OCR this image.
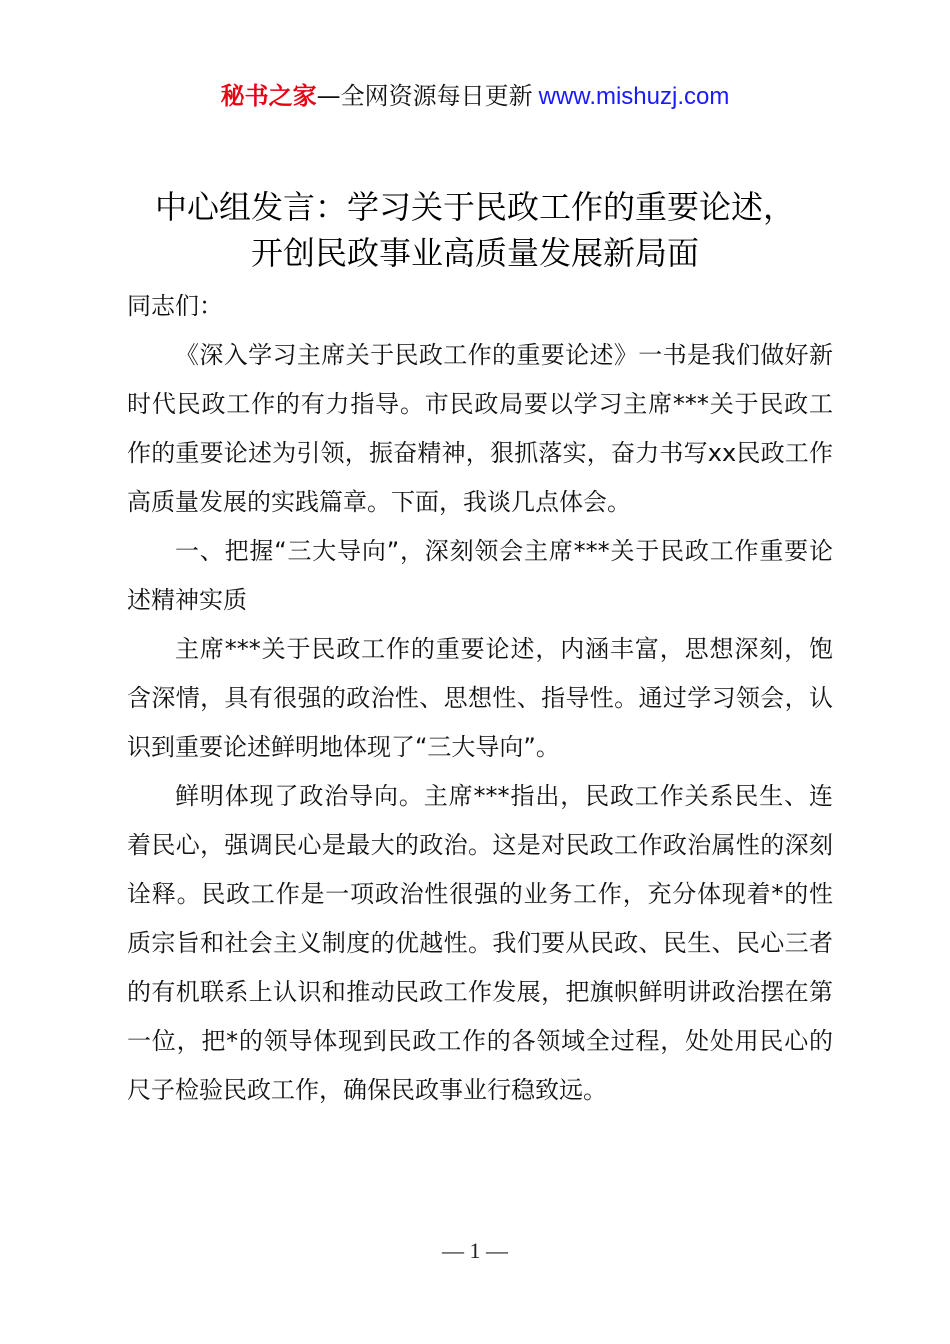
秘书之家—全网资源每日更新 www.mishuzj.com
中心组发言：学习关于民政工作的重要论述，
开创民政事业高质量发展新局面

同志们：

《深入学习主席关于民政工作的重要论述》一书是我们做好新时代民政工作的有力指导。市民政局要以学习主席***关于民政工作的重要论述为引领，振奋精神，狠抓落实，奋力书写xx民政工作高质量发展的实践篇章。下面，我谈几点体会。

一、把握“三大导向”，深刻领会主席***关于民政工作重要论述精神实质

主席***关于民政工作的重要论述，内涵丰富，思想深刻，饱含深情，具有很强的政治性、思想性、指导性。通过学习领会，认识到重要论述鲜明地体现了“三大导向”。

鲜明体现了政治导向。主席***指出，民政工作关系民生、连着民心，强调民心是最大的政治。这是对民政工作政治属性的深刻诠释。民政工作是一项政治性很强的业务工作，充分体现着*的性质宗旨和社会主义制度的优越性。我们要从民政、民生、民心三者的有机联系上认识和推动民政工作发展，把旗帜鲜明讲政治摆在第一位，把*的领导体现到民政工作的各领域全过程，处处用民心的尺子检验民政工作，确保民政事业行稳致远。

— 1 —
